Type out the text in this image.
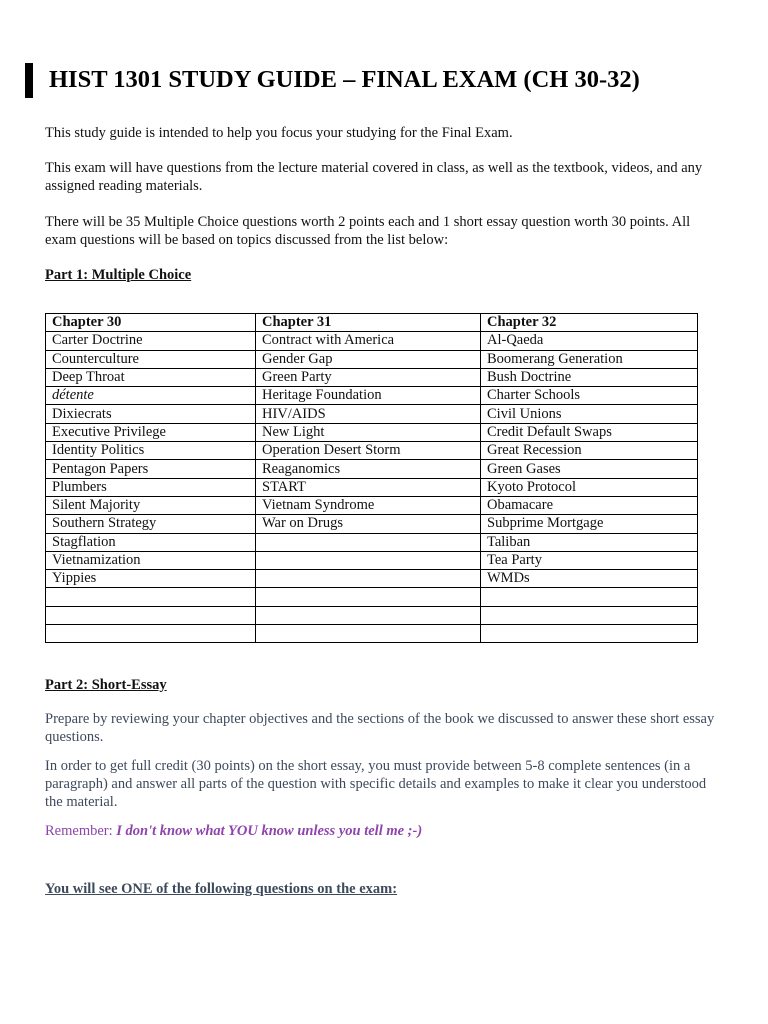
HIST 1301 STUDY GUIDE – FINAL EXAM (CH 30-32)

This study guide is intended to help you focus your studying for the Final Exam.

This exam will have questions from the lecture material covered in class, as well as the textbook, videos, and any assigned reading materials.

There will be 35 Multiple Choice questions worth 2 points each and 1 short essay question worth 30 points. All exam questions will be based on topics discussed from the list below:

Part 1: Multiple Choice

Chapter 30	Chapter 31	Chapter 32
Carter Doctrine	Contract with America	Al-Qaeda
Counterculture	Gender Gap	Boomerang Generation
Deep Throat	Green Party	Bush Doctrine
détente	Heritage Foundation	Charter Schools
Dixiecrats	HIV/AIDS	Civil Unions
Executive Privilege	New Light	Credit Default Swaps
Identity Politics	Operation Desert Storm	Great Recession
Pentagon Papers	Reaganomics	Green Gases
Plumbers	START	Kyoto Protocol
Silent Majority	Vietnam Syndrome	Obamacare
Southern Strategy	War on Drugs	Subprime Mortgage
Stagflation		Taliban
Vietnamization		Tea Party
Yippies		WMDs

Part 2: Short-Essay

Prepare by reviewing your chapter objectives and the sections of the book we discussed to answer these short essay questions.

In order to get full credit (30 points) on the short essay, you must provide between 5-8 complete sentences (in a paragraph) and answer all parts of the question with specific details and examples to make it clear you understood the material.

Remember: I don't know what YOU know unless you tell me ;-)

You will see ONE of the following questions on the exam:
